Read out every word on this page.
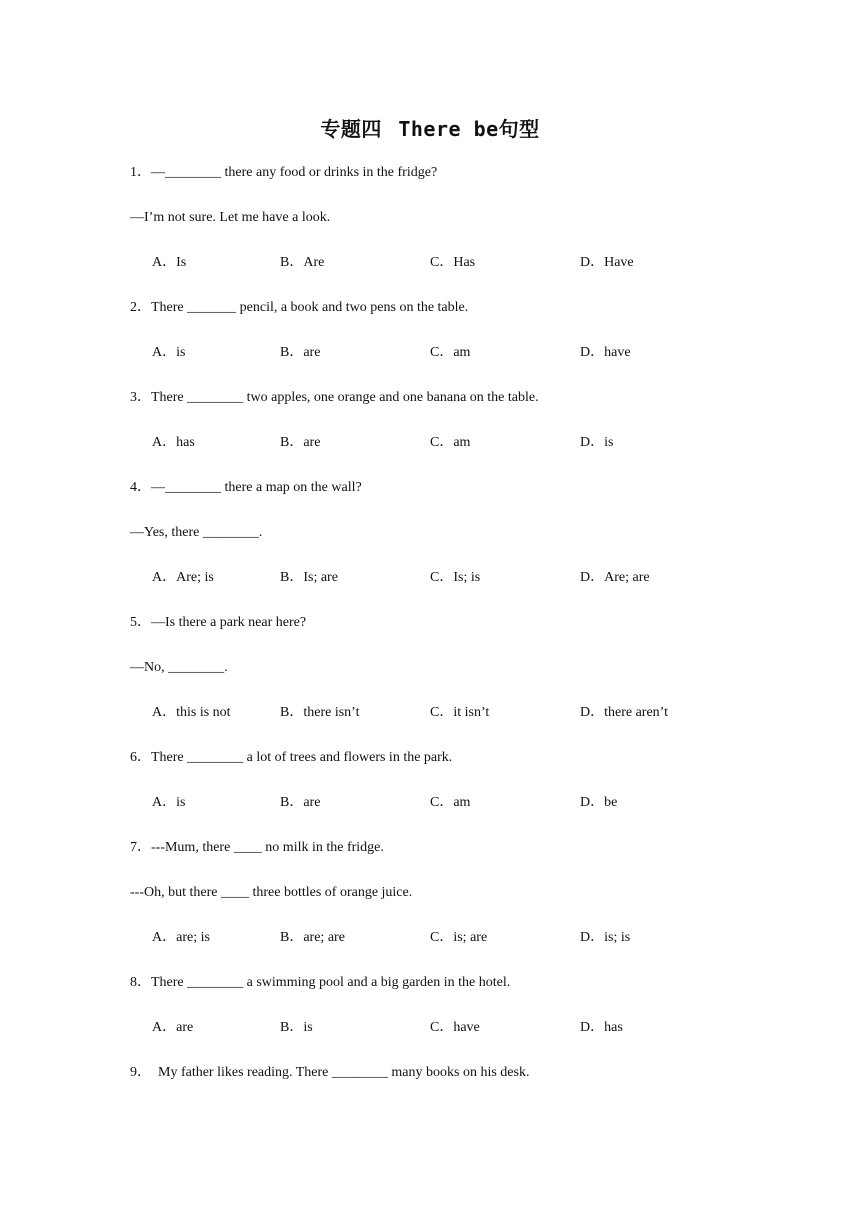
专题四 There be句型
1．—________ there any food or drinks in the fridge?
—I’m not sure. Let me have a look.
A．Is	B．Are	C．Has	D．Have
2．There _______ pencil, a book and two pens on the table.
A．is	B．are	C．am	D．have
3．There ________ two apples, one orange and one banana on the table.
A．has	B．are	C．am	D．is
4．—________ there a map on the wall?
—Yes, there ________.
A．Are; is	B．Is; are	C．Is; is	D．Are; are
5．—Is there a park near here?
—No, ________.
A．this is not	B．there isn’t	C．it isn’t	D．there aren’t
6．There ________ a lot of trees and flowers in the park.
A．is	B．are	C．am	D．be
7．---Mum, there ____ no milk in the fridge.
---Oh, but there ____ three bottles of orange juice.
A．are; is	B．are; are	C．is; are	D．is; is
8．There ________ a swimming pool and a big garden in the hotel.
A．are	B．is	C．have	D．has
9．  My father likes reading. There ________ many books on his desk.
